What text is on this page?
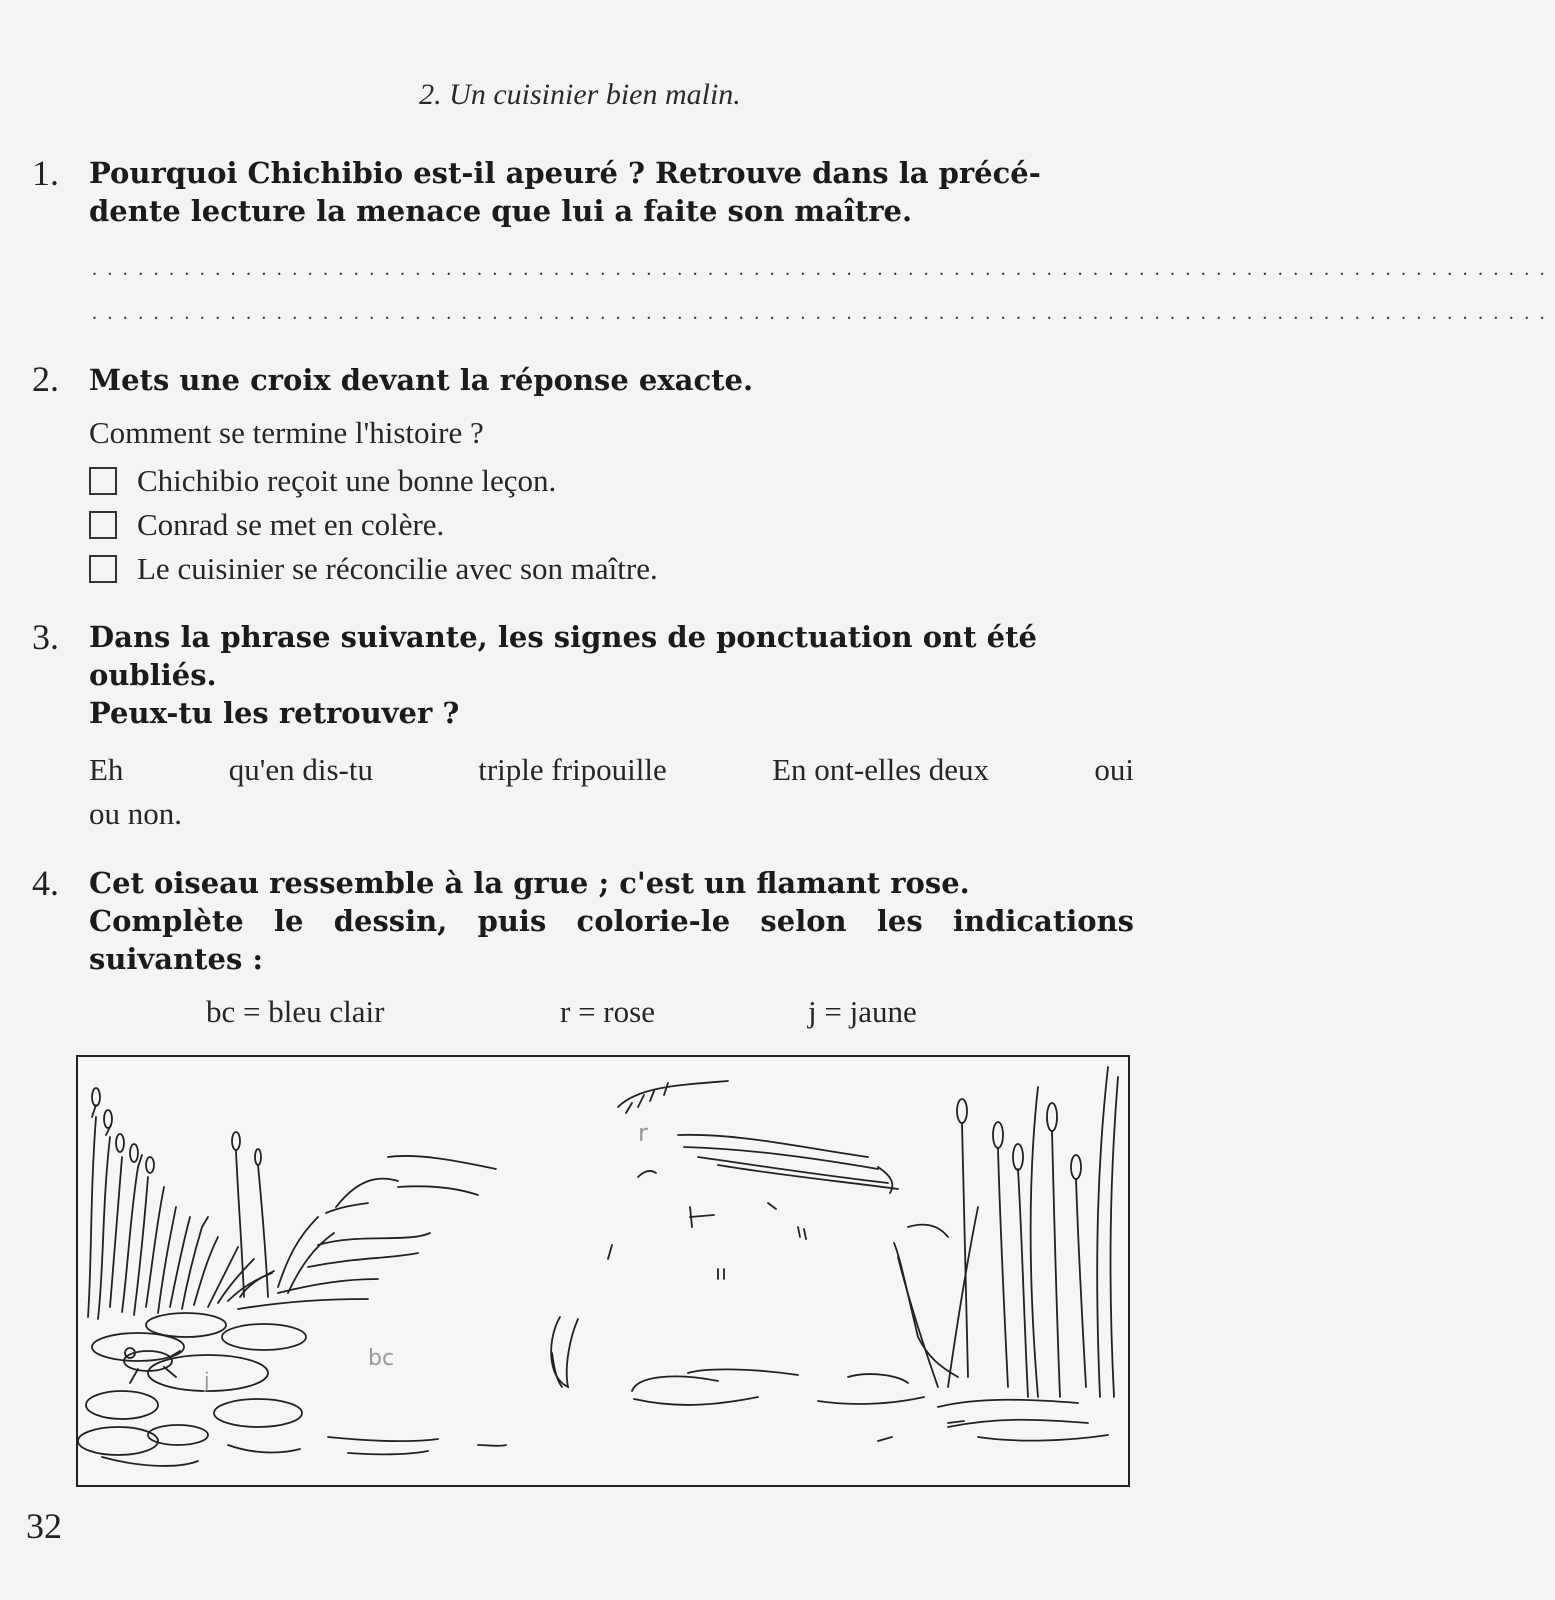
2. Un cuisinier bien malin.
1. Pourquoi Chichibio est-il apeuré ? Retrouve dans la précé-
dente lecture la menace que lui a faite son maître.
...............................................................................................
...............................................................................................
2. Mets une croix devant la réponse exacte.
Comment se termine l'histoire ?
Chichibio reçoit une bonne leçon.
Conrad se met en colère.
Le cuisinier se réconcilie avec son maître.
3. Dans la phrase suivante, les signes de ponctuation ont été
oubliés.
Peux-tu les retrouver ?
Eh	qu'en dis-tu	triple fripouille	En ont-elles deux	oui
ou non.
4. Cet oiseau ressemble à la grue ; c'est un flamant rose.
Complète le dessin, puis colorie-le selon les indications
suivantes :
bc = bleu clair	r = rose	j = jaune
bc
r
j
32
